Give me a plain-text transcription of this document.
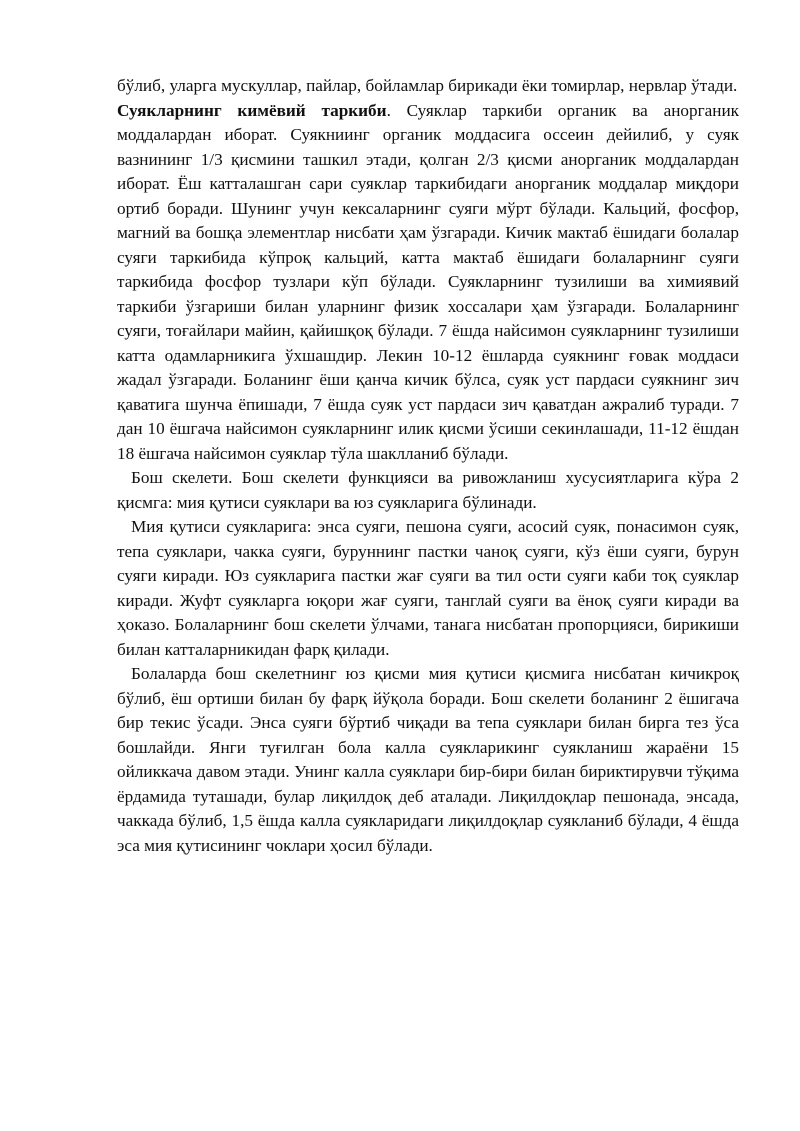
бўлиб, уларга мускуллар, пайлар, бойламлар бирикади ёки томирлар, нервлар ўтади.

Суякларнинг кимёвий таркиби. Суяклар таркиби органик ва анорганик моддалардан иборат. Суякниинг органик моддасига оссеин дейилиб, у суяк вазнининг 1/3 қисмини ташкил этади, қолган 2/3 қисми анорганик моддалардан иборат. Ёш катталашган сари суяклар таркибидаги анорганик моддалар миқдори ортиб боради. Шунинг учун кексаларнинг суяги мўрт бўлади. Кальций, фосфор, магний ва бошқа элементлар нисбати ҳам ўзгаради. Кичик мактаб ёшидаги болалар суяги таркибида кўпроқ кальций, катта мактаб ёшидаги болаларнинг суяги таркибида фосфор тузлари кўп бўлади. Суякларнинг тузилиши ва химиявий таркиби ўзгариши билан уларнинг физик хоссалари ҳам ўзгаради. Болаларнинг суяги, тоғайлари майин, қайишқоқ бўлади. 7 ёшда найсимон суякларнинг тузилиши катта одамларникига ўхшашдир. Лекин 10-12 ёшларда суякнинг ғовак моддаси жадал ўзгаради. Боланинг ёши қанча кичик бўлса, суяк уст пардаси суякнинг зич қаватига шунча ёпишади, 7 ёшда суяк уст пардаси зич қаватдан ажралиб туради. 7 дан 10 ёшгача найсимон суякларнинг илик қисми ўсиши секинлашади, 11-12 ёшдан 18 ёшгача найсимон суяклар тўла шаклланиб бўлади.

Бош скелети. Бош скелети функцияси ва ривожланиш хусусиятларига кўра 2 қисмга: мия қутиси суяклари ва юз суякларига бўлинади.

Мия қутиси суякларига: энса суяги, пешона суяги, асосий суяк, понасимон суяк, тепа суяклари, чакка суяги, буруннинг пастки чаноқ суяги, кўз ёши суяги, бурун суяги киради. Юз суякларига пастки жағ суяги ва тил ости суяги каби тоқ суяклар киради. Жуфт суякларга юқори жағ суяги, танглай суяги ва ёноқ суяги киради ва ҳоказо. Болаларнинг бош скелети ўлчами, танага нисбатан пропорцияси, бирикиши билан катталарникидан фарқ қилади.

Болаларда бош скелетнинг юз қисми мия қутиси қисмига нисбатан кичикроқ бўлиб, ёш ортиши билан бу фарқ йўқола боради. Бош скелети боланинг 2 ёшигача бир текис ўсади. Энса суяги бўртиб чиқади ва тепа суяклари билан бирга тез ўса бошлайди. Янги туғилган бола калла суякларикинг суякланиш жараёни 15 ойликкача давом этади. Унинг калла суяклари бир-бири билан бириктирувчи тўқима ёрдамида туташади, булар лиқилдоқ деб аталади. Лиқилдоқлар пешонада, энсада, чаккада бўлиб, 1,5 ёшда калла суякларидаги лиқилдоқлар суякланиб бўлади, 4 ёшда эса мия қутисининг чоклари ҳосил бўлади.
